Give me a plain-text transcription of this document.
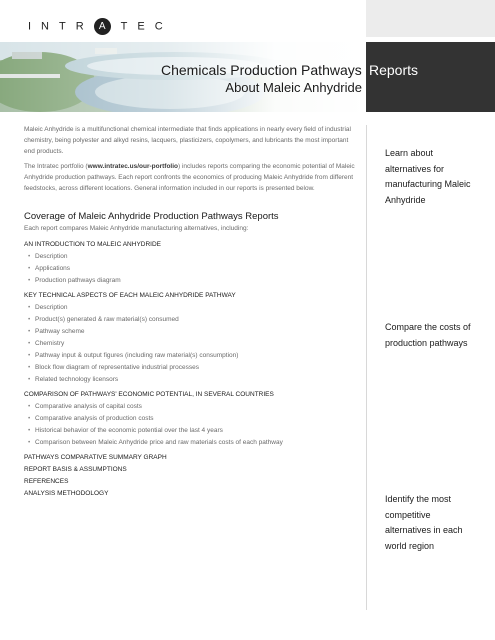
INTR A TEC
Chemicals Production Pathways Reports
About Maleic Anhydride
Learn about alternatives for manufacturing Maleic Anhydride
Compare the costs of production pathways
Identify the most competitive alternatives in each world region

Maleic Anhydride is a multifunctional chemical intermediate that finds applications in nearly every field of industrial chemistry, being polyester and alkyd resins, lacquers, plasticizers, copolymers, and lubricants the most important end products.

The Intratec portfolio (www.intratec.us/our-portfolio) includes reports comparing the economic potential of Maleic Anhydride production pathways. Each report confronts the economics of producing Maleic Anhydride from different feedstocks, across different locations. General information included in our reports is presented below.

Coverage of Maleic Anhydride Production Pathways Reports
Each report compares Maleic Anhydride manufacturing alternatives, including:
AN INTRODUCTION TO MALEIC ANHYDRIDE
• Description
• Applications
• Production pathways diagram
KEY TECHNICAL ASPECTS OF EACH MALEIC ANHYDRIDE PATHWAY
• Description
• Product(s) generated & raw material(s) consumed
• Pathway scheme
• Chemistry
• Pathway input & output figures (including raw material(s) consumption)
• Block flow diagram of representative industrial processes
• Related technology licensors
COMPARISON OF PATHWAYS' ECONOMIC POTENTIAL, IN SEVERAL COUNTRIES
• Comparative analysis of capital costs
• Comparative analysis of production costs
• Historical behavior of the economic potential over the last 4 years
• Comparison between Maleic Anhydride price and raw materials costs of each pathway
PATHWAYS COMPARATIVE SUMMARY GRAPH
REPORT BASIS & ASSUMPTIONS
REFERENCES
ANALYSIS METHODOLOGY
